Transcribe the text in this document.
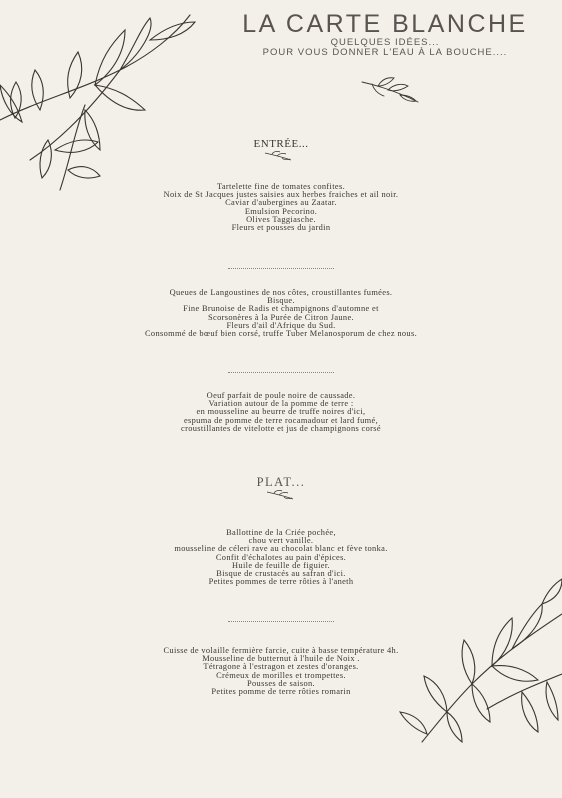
LA CARTE BLANCHE
QUELQUES IDÉES...
POUR VOUS DONNER L'EAU À LA BOUCHE....
ENTRÉE...
Tartelette fine de tomates confites.
Noix de St Jacques justes saisies aux herbes fraiches et ail noir.
Caviar d'aubergines au Zaatar.
Emulsion Pecorino.
Olives Taggiasche.
Fleurs et pousses du jardin
Queues de Langoustines de nos côtes, croustillantes fumées.
Bisque.
Fine Brunoise de Radis et champignons d'automne et
Scorsonères à la Purée de Citron Jaune.
Fleurs d'ail d'Afrique du Sud.
Consommé de bœuf bien corsé, truffe Tuber Melanosporum de chez nous.
Oeuf parfait de poule noire de caussade.
Variation autour de la pomme de terre :
en mousseline au beurre de truffe noires d'ici,
espuma de pomme de terre rocamadour et lard fumé,
croustillantes de vitelotte et jus de champignons corsé
PLAT...
Ballottine de la Criée pochée,
chou vert vanille.
mousseline de céleri rave au chocolat blanc et fève tonka.
Confit d'échalotes au pain d'épices.
Huile de feuille de figuier.
Bisque de crustacés au safran d'ici.
Petites pommes de terre rôties à l'aneth
Cuisse de volaille fermière farcie, cuite à basse température 4h.
Mousseline de butternut à l'huile de Noix .
Tétragone à l'estragon et zestes d'oranges.
Crémeux de morilles et trompettes.
Pousses de saison.
Petites pomme de terre rôties romarin
